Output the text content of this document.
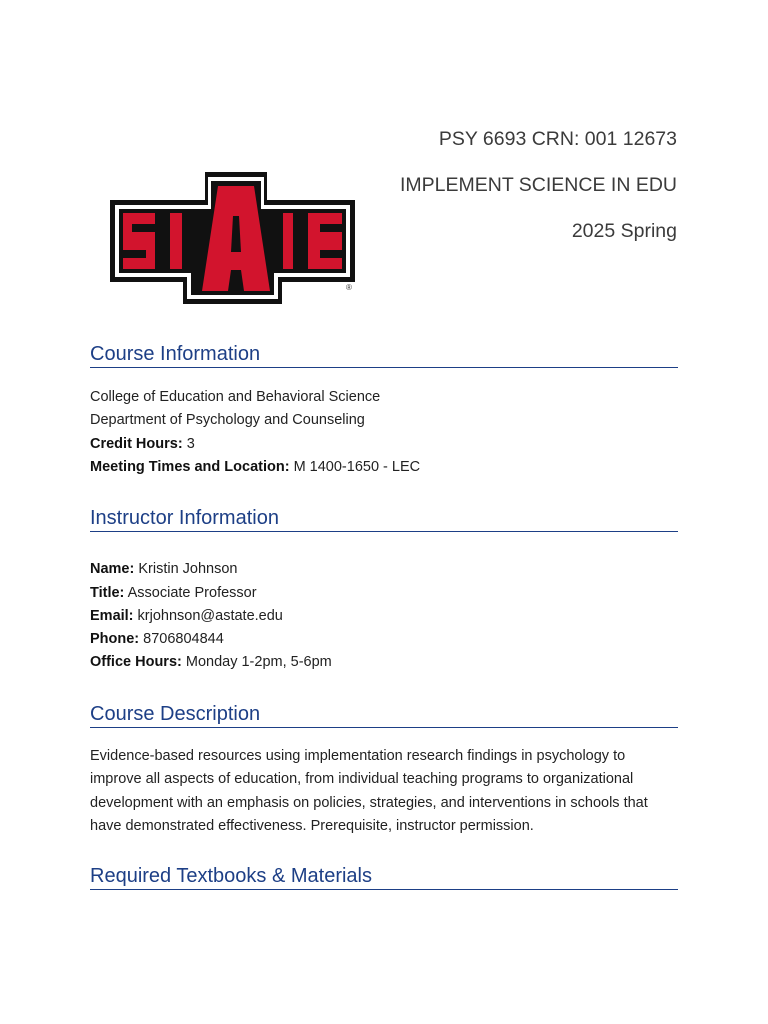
®
PSY 6693 CRN: 001 12673
IMPLEMENT SCIENCE IN EDU
2025 Spring
Course Information
College of Education and Behavioral Science
Department of Psychology and Counseling
Credit Hours: 3
Meeting Times and Location: M 1400-1650 - LEC
Instructor Information
Name: Kristin Johnson
Title: Associate Professor
Email: krjohnson@astate.edu
Phone: 8706804844
Office Hours: Monday 1-2pm, 5-6pm
Course Description
Evidence-based resources using implementation research findings in psychology to improve all aspects of education, from individual teaching programs to organizational development with an emphasis on policies, strategies, and interventions in schools that have demonstrated effectiveness. Prerequisite, instructor permission.
Required Textbooks & Materials
